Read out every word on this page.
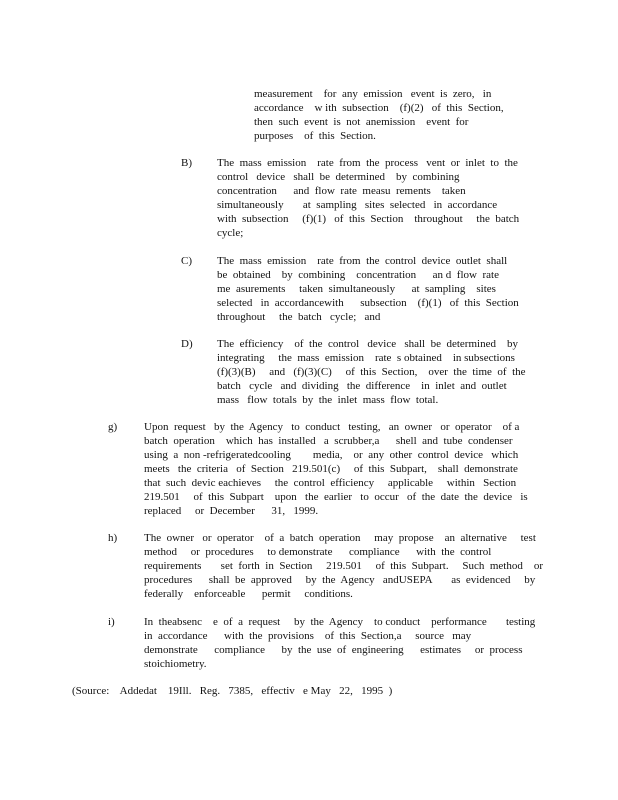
measurement    for  any  emission   event  is  zero,   in
accordance    w ith  subsection    (f)(2)   of  this  Section,
then  such  event  is  not  anemission    event  for
purposes    of  this  Section.
B) The  mass  emission    rate  from  the  process   vent  or  inlet  to  the
control   device   shall  be  determined    by  combining
concentration      and  flow  rate  measu  rements    taken
simultaneously       at  sampling   sites  selected   in  accordance
with  subsection     (f)(1)   of  this  Section    throughout     the  batch
cycle;
C) The  mass  emission    rate  from  the  control  device  outlet  shall
be  obtained    by  combining    concentration      an d  flow  rate
me  asurements     taken  simultaneously      at  sampling    sites
selected   in  accordancewith      subsection    (f)(1)   of  this  Section
throughout     the  batch   cycle;   and
D) The  efficiency    of  the  control   device   shall  be  determined    by
integrating     the  mass  emission    rate  s obtained    in subsections
(f)(3)(B)     and   (f)(3)(C)     of  this  Section,    over  the  time  of  the
batch   cycle   and  dividing   the  difference    in  inlet  and  outlet
mass   flow  totals  by  the  inlet  mass  flow  total.
g) Upon  request   by  the  Agency   to  conduct   testing,   an  owner   or  operator    of a
batch  operation    which  has  installed   a  scrubber,a      shell  and  tube  condenser
using  a  non -refrigeratedcooling        media,    or  any  other  control  device   which
meets   the  criteria   of  Section   219.501(c)     of  this  Subpart,    shall  demonstrate
that  such  devic eachieves     the  control  efficiency     applicable     within   Section
219.501     of  this  Subpart    upon   the  earlier   to  occur   of  the  date  the  device   is
replaced     or  December      31,   1999.
h) The  owner   or  operator    of  a  batch  operation     may  propose    an  alternative     test
method     or  procedures     to demonstrate      compliance      with  the  control
requirements       set  forth  in  Section     219.501     of  this  Subpart.     Such  method    or
procedures      shall  be  approved     by  the  Agency   andUSEPA       as  evidenced     by
federally    enforceable      permit     conditions.
i)	In  theabsenc    e  of  a  request     by  the  Agency    to conduct    performance       testing
in  accordance      with  the  provisions    of  this  Section,a     source   may
demonstrate      compliance      by  the  use  of  engineering      estimates     or  process
stoichiometry.
(Source:    Addedat    19Ill.   Reg.   7385,   effectiv   e May   22,   1995  )
